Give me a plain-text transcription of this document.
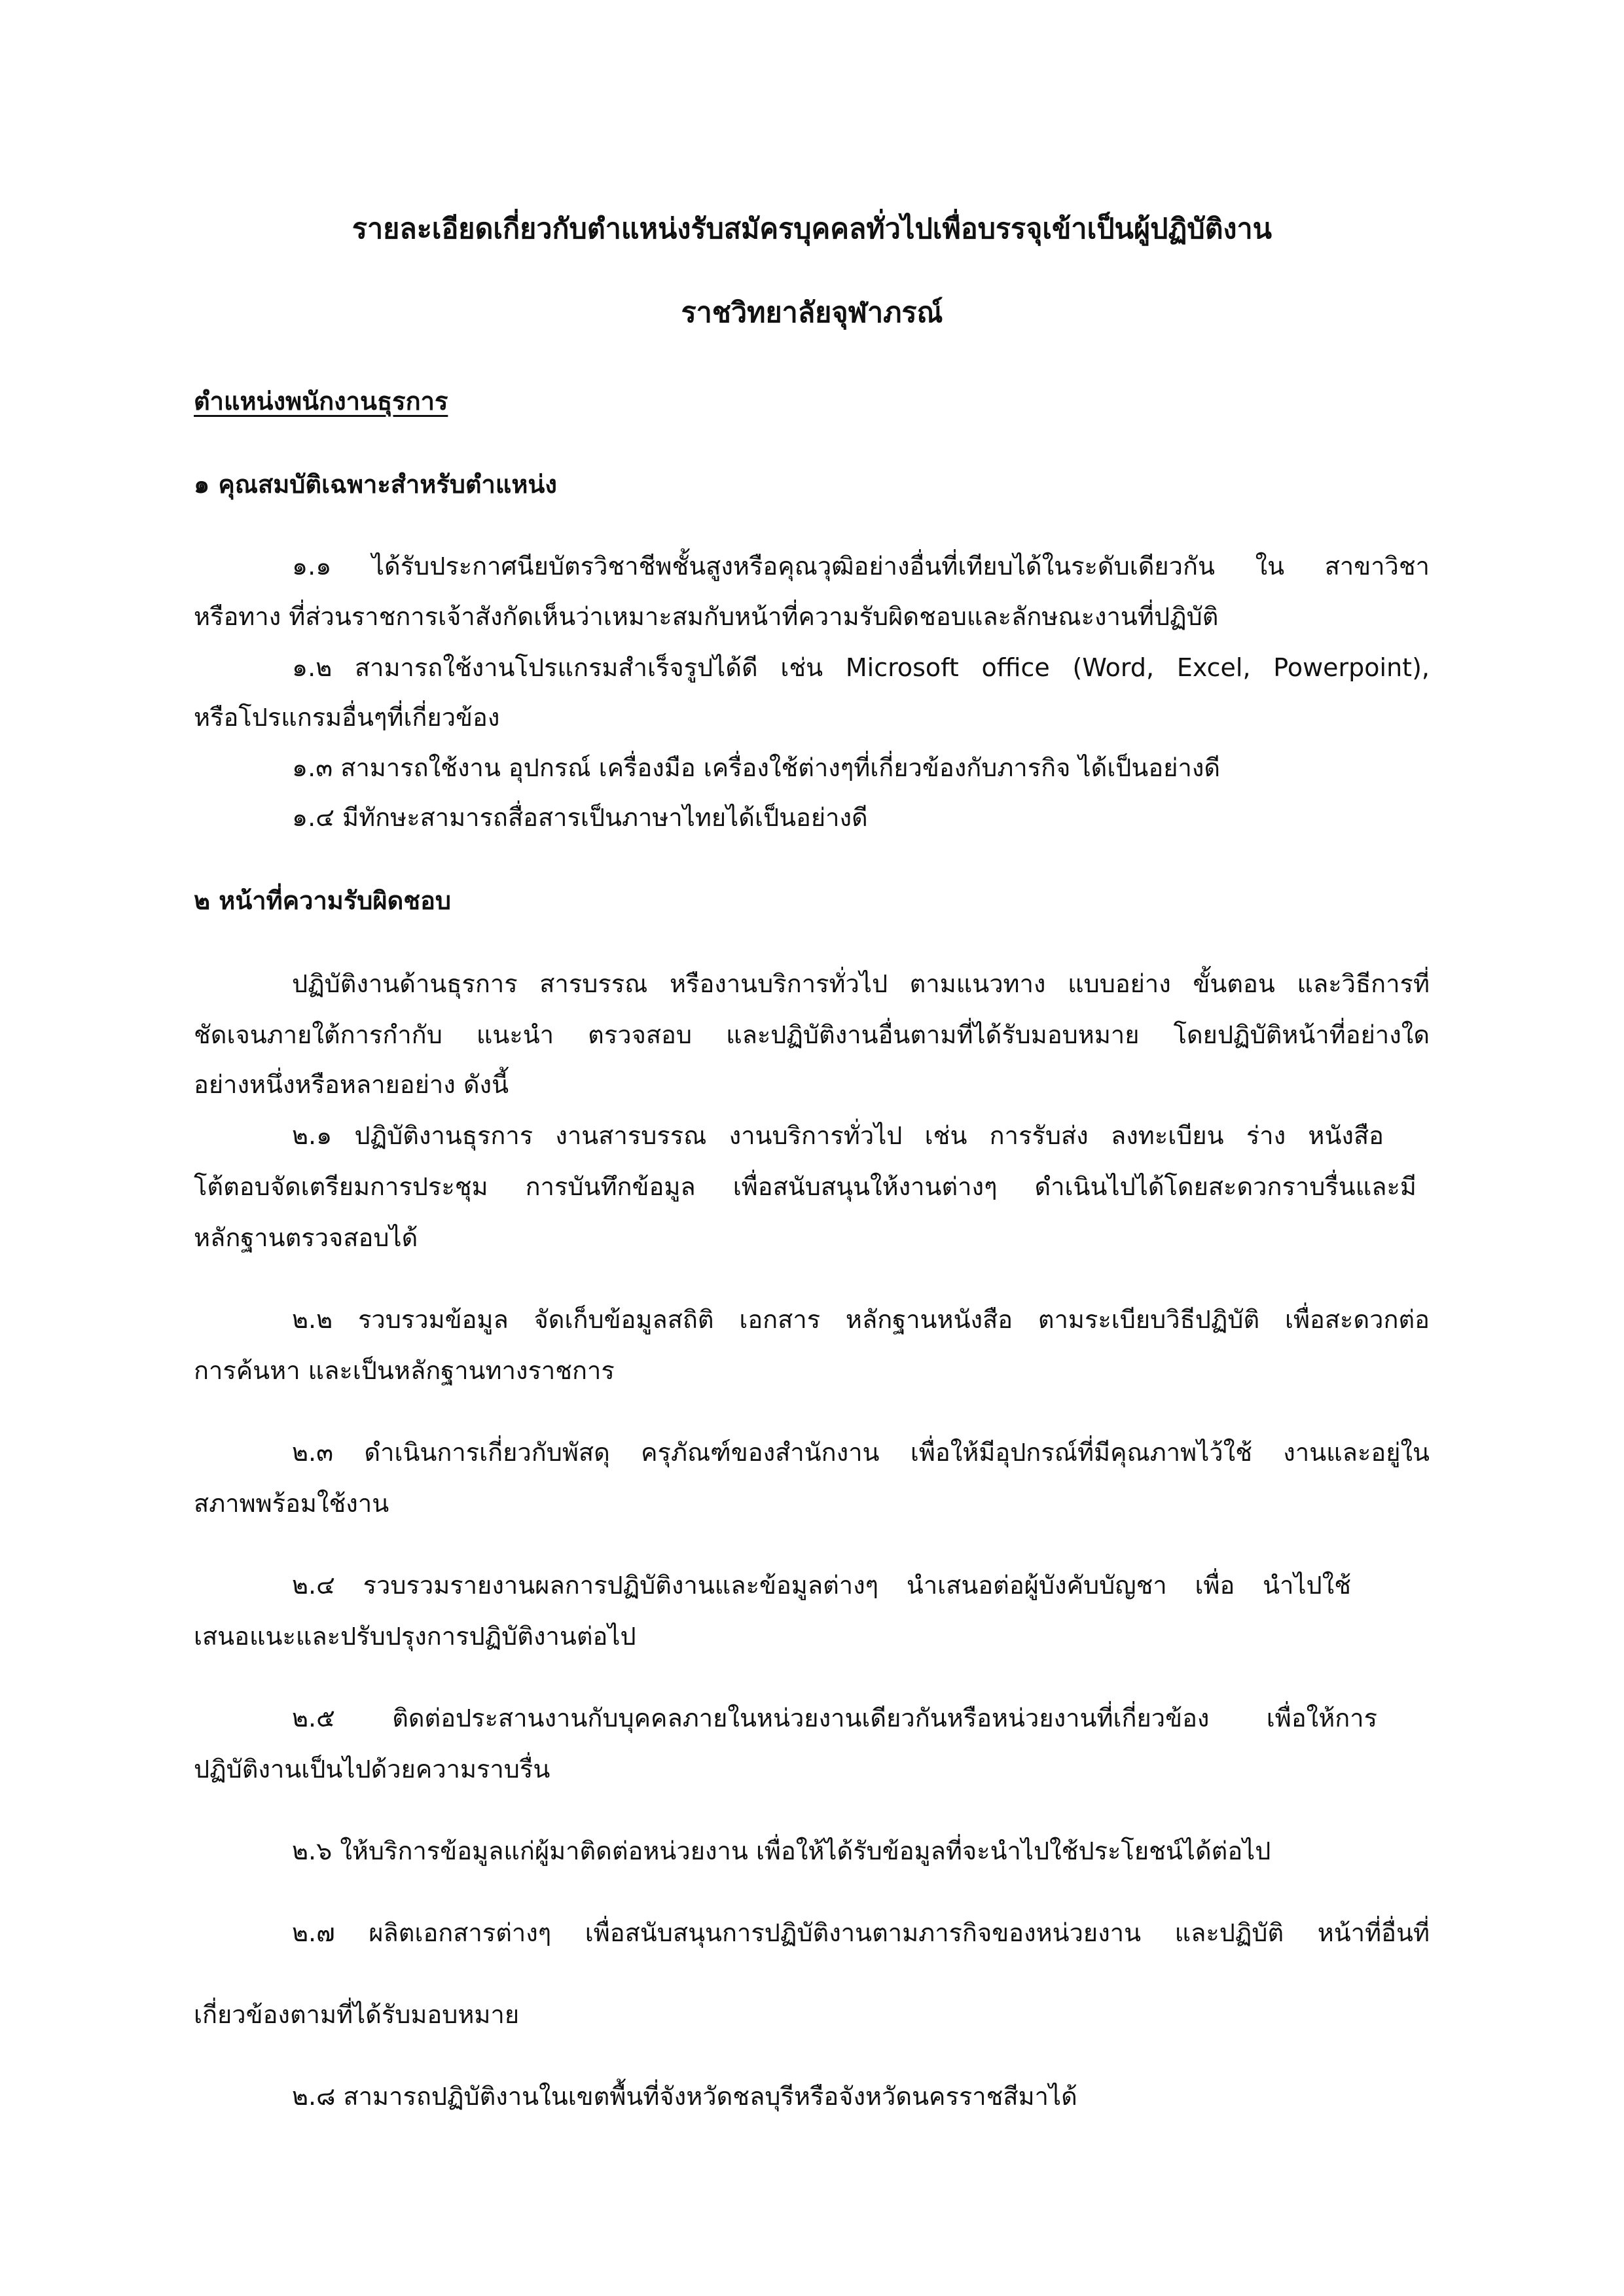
รายละเอียดเกี่ยวกับตำแหน่งรับสมัครบุคคลทั่วไปเพื่อบรรจุเข้าเป็นผู้ปฏิบัติงาน
ราชวิทยาลัยจุฬาภรณ์
ตำแหน่งพนักงานธุรการ
๑ คุณสมบัติเฉพาะสำหรับตำแหน่ง
๑.๑ ได้รับประกาศนียบัตรวิชาชีพชั้นสูงหรือคุณวุฒิอย่างอื่นที่เทียบได้ในระดับเดียวกัน ใน สาขาวิชา
หรือทาง ที่ส่วนราชการเจ้าสังกัดเห็นว่าเหมาะสมกับหน้าที่ความรับผิดชอบและลักษณะงานที่ปฏิบัติ
๑.๒ สามารถใช้งานโปรแกรมสำเร็จรูปได้ดี เช่น Microsoft office (Word, Excel, Powerpoint),
หรือโปรแกรมอื่นๆที่เกี่ยวข้อง
๑.๓ สามารถใช้งาน อุปกรณ์ เครื่องมือ เครื่องใช้ต่างๆที่เกี่ยวข้องกับภารกิจ ได้เป็นอย่างดี
๑.๔ มีทักษะสามารถสื่อสารเป็นภาษาไทยได้เป็นอย่างดี
๒ หน้าที่ความรับผิดชอบ
ปฏิบัติงานด้านธุรการ สารบรรณ หรืองานบริการทั่วไป ตามแนวทาง แบบอย่าง ขั้นตอน และวิธีการที่
ชัดเจนภายใต้การกำกับ แนะนำ ตรวจสอบ และปฏิบัติงานอื่นตามที่ได้รับมอบหมาย โดยปฏิบัติหน้าที่อย่างใด
อย่างหนึ่งหรือหลายอย่าง ดังนี้
๒.๑ ปฏิบัติงานธุรการ งานสารบรรณ งานบริการทั่วไป เช่น การรับส่ง ลงทะเบียน ร่าง หนังสือ
โต้ตอบจัดเตรียมการประชุม การบันทึกข้อมูล เพื่อสนับสนุนให้งานต่างๆ ดำเนินไปได้โดยสะดวกราบรื่นและมี
หลักฐานตรวจสอบได้
๒.๒ รวบรวมข้อมูล จัดเก็บข้อมูลสถิติ เอกสาร หลักฐานหนังสือ ตามระเบียบวิธีปฏิบัติ เพื่อสะดวกต่อ
การค้นหา และเป็นหลักฐานทางราชการ
๒.๓ ดำเนินการเกี่ยวกับพัสดุ ครุภัณฑ์ของสำนักงาน เพื่อให้มีอุปกรณ์ที่มีคุณภาพไว้ใช้ งานและอยู่ใน
สภาพพร้อมใช้งาน
๒.๔ รวบรวมรายงานผลการปฏิบัติงานและข้อมูลต่างๆ นำเสนอต่อผู้บังคับบัญชา เพื่อ นำไปใช้
เสนอแนะและปรับปรุงการปฏิบัติงานต่อไป
๒.๕ ติดต่อประสานงานกับบุคคลภายในหน่วยงานเดียวกันหรือหน่วยงานที่เกี่ยวข้อง เพื่อให้การ
ปฏิบัติงานเป็นไปด้วยความราบรื่น
๒.๖ ให้บริการข้อมูลแก่ผู้มาติดต่อหน่วยงาน เพื่อให้ได้รับข้อมูลที่จะนำไปใช้ประโยชน์ได้ต่อไป
๒.๗ ผลิตเอกสารต่างๆ เพื่อสนับสนุนการปฏิบัติงานตามภารกิจของหน่วยงาน และปฏิบัติ หน้าที่อื่นที่
เกี่ยวข้องตามที่ได้รับมอบหมาย
๒.๘ สามารถปฏิบัติงานในเขตพื้นที่จังหวัดชลบุรีหรือจังหวัดนครราชสีมาได้
